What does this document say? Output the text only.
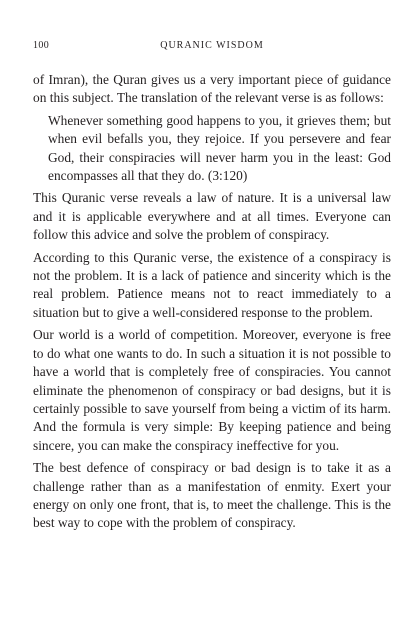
100	QURANIC WISDOM

of Imran), the Quran gives us a very important piece of guidance on this subject. The translation of the relevant verse is as follows:

Whenever something good happens to you, it grieves them; but when evil befalls you, they rejoice. If you persevere and fear God, their conspiracies will never harm you in the least: God encompasses all that they do. (3:120)

This Quranic verse reveals a law of nature. It is a universal law and it is applicable everywhere and at all times. Everyone can follow this advice and solve the problem of conspiracy.

According to this Quranic verse, the existence of a conspiracy is not the problem. It is a lack of patience and sincerity which is the real problem. Patience means not to react immediately to a situation but to give a well-considered response to the problem.

Our world is a world of competition. Moreover, everyone is free to do what one wants to do. In such a situation it is not possible to have a world that is completely free of conspiracies. You cannot eliminate the phenomenon of conspiracy or bad designs, but it is certainly possible to save yourself from being a victim of its harm. And the formula is very simple: By keeping patience and being sincere, you can make the conspiracy ineffective for you.

The best defence of conspiracy or bad design is to take it as a challenge rather than as a manifestation of enmity. Exert your energy on only one front, that is, to meet the challenge. This is the best way to cope with the problem of conspiracy.
